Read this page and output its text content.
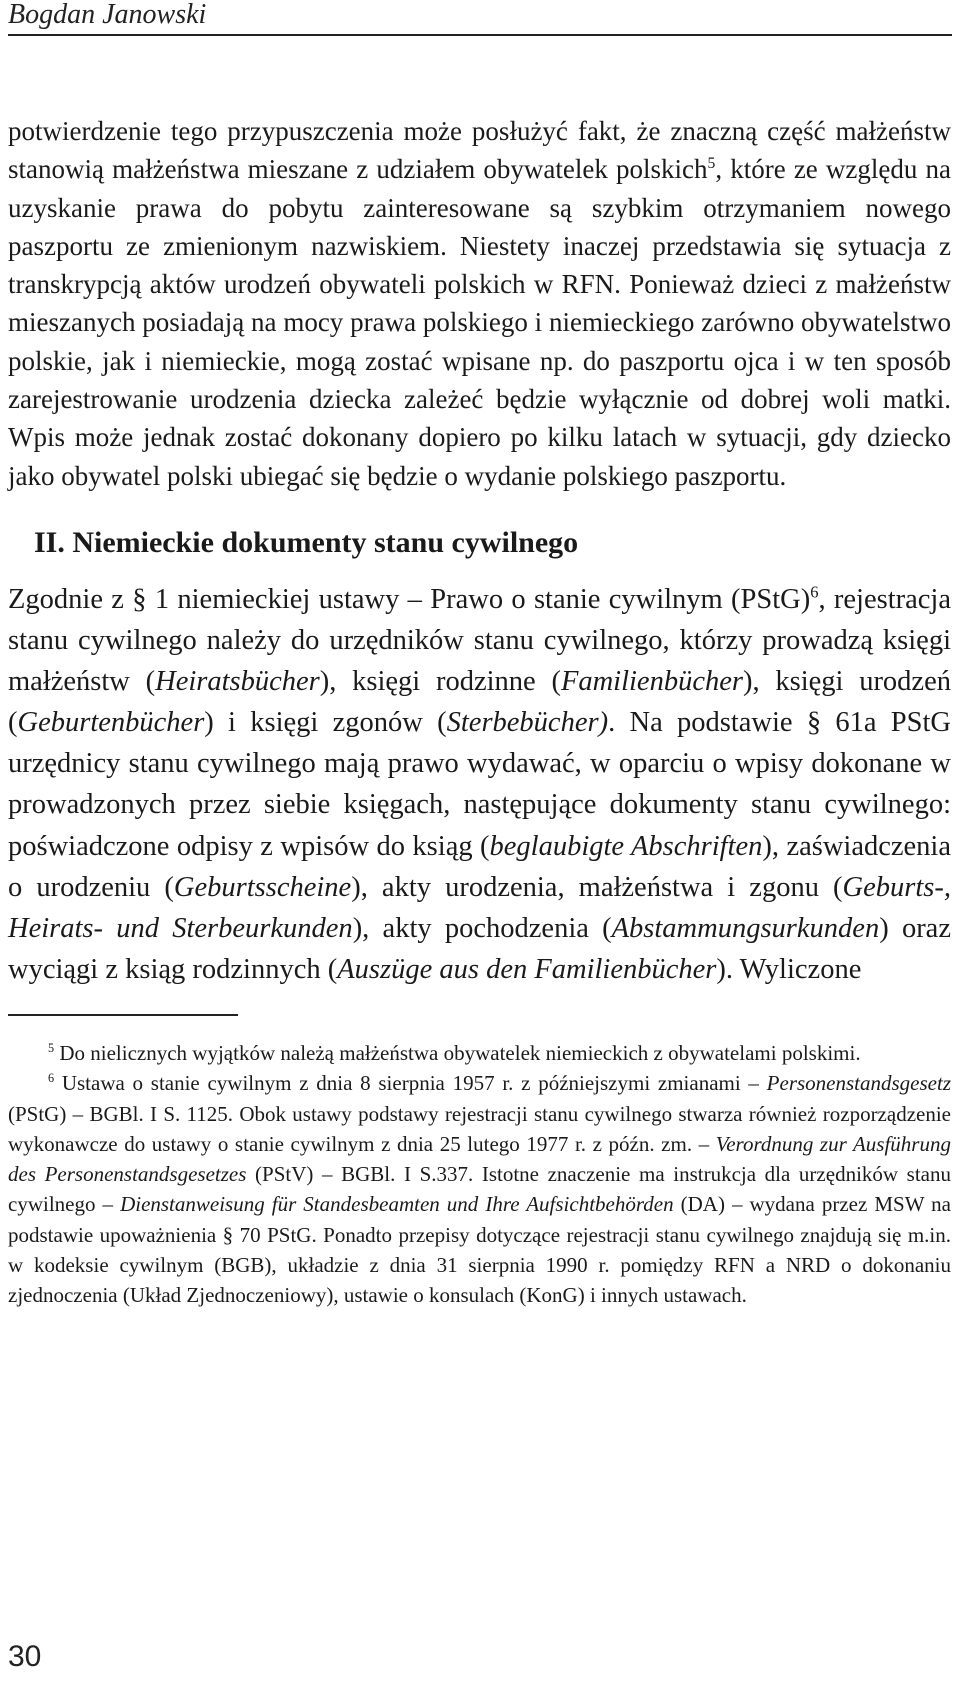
Bogdan Janowski

potwierdzenie tego przypuszczenia może posłużyć fakt, że znaczną część małżeństw stanowią małżeństwa mieszane z udziałem obywatelek polskich$^5$, które ze względu na uzyskanie prawa do pobytu zainteresowane są szybkim otrzymaniem nowego paszportu ze zmienionym nazwiskiem. Niestety inaczej przedstawia się sytuacja z transkrypcją aktów urodzeń obywateli polskich w RFN. Ponieważ dzieci z małżeństw mieszanych posiadają na mocy prawa polskiego i niemieckiego zarówno obywatelstwo polskie, jak i niemieckie, mogą zostać wpisane np. do paszportu ojca i w ten sposób zarejestrowanie urodzenia dziecka zależeć będzie wyłącznie od dobrej woli matki. Wpis może jednak zostać dokonany dopiero po kilku latach w sytuacji, gdy dziecko jako obywatel polski ubiegać się będzie o wydanie polskiego paszportu.

II. Niemieckie dokumenty stanu cywilnego

Zgodnie z § 1 niemieckiej ustawy – Prawo o stanie cywilnym (PStG)$^6$, rejestracja stanu cywilnego należy do urzędników stanu cywilnego, którzy prowadzą księgi małżeństw (Heiratsbücher), księgi rodzinne (Familienbücher), księgi urodzeń (Geburtenbücher) i księgi zgonów (Sterbebücher). Na podstawie § 61a PStG urzędnicy stanu cywilnego mają prawo wydawać, w oparciu o wpisy dokonane w prowadzonych przez siebie księgach, następujące dokumenty stanu cywilnego: poświadczone odpisy z wpisów do ksiąg (beglaubigte Abschriften), zaświadczenia o urodzeniu (Geburtsscheine), akty urodzenia, małżeństwa i zgonu (Geburts-, Heirats- und Sterbeurkunden), akty pochodzenia (Abstammungsurkunden) oraz wyciągi z ksiąg rodzinnych (Auszüge aus den Familienbücher). Wyliczone

$^5$ Do nielicznych wyjątków należą małżeństwa obywatelek niemieckich z obywatelami polskimi.

$^6$ Ustawa o stanie cywilnym z dnia 8 sierpnia 1957 r. z późniejszymi zmianami – Personenstandsgesetz (PStG) – BGBl. I S. 1125. Obok ustawy podstawy rejestracji stanu cywilnego stwarza również rozporządzenie wykonawcze do ustawy o stanie cywilnym z dnia 25 lutego 1977 r. z późn. zm. – Verordnung zur Ausführung des Personenstandsgesetzes (PStV) – BGBl. I S.337. Istotne znaczenie ma instrukcja dla urzędników stanu cywilnego – Dienstanweisung für Standesbeamten und Ihre Aufsichtbehörden (DA) – wydana przez MSW na podstawie upoważnienia § 70 PStG. Ponadto przepisy dotyczące rejestracji stanu cywilnego znajdują się m.in. w kodeksie cywilnym (BGB), układzie z dnia 31 sierpnia 1990 r. pomiędzy RFN a NRD o dokonaniu zjednoczenia (Układ Zjednoczeniowy), ustawie o konsulach (KonG) i innych ustawach.

30
